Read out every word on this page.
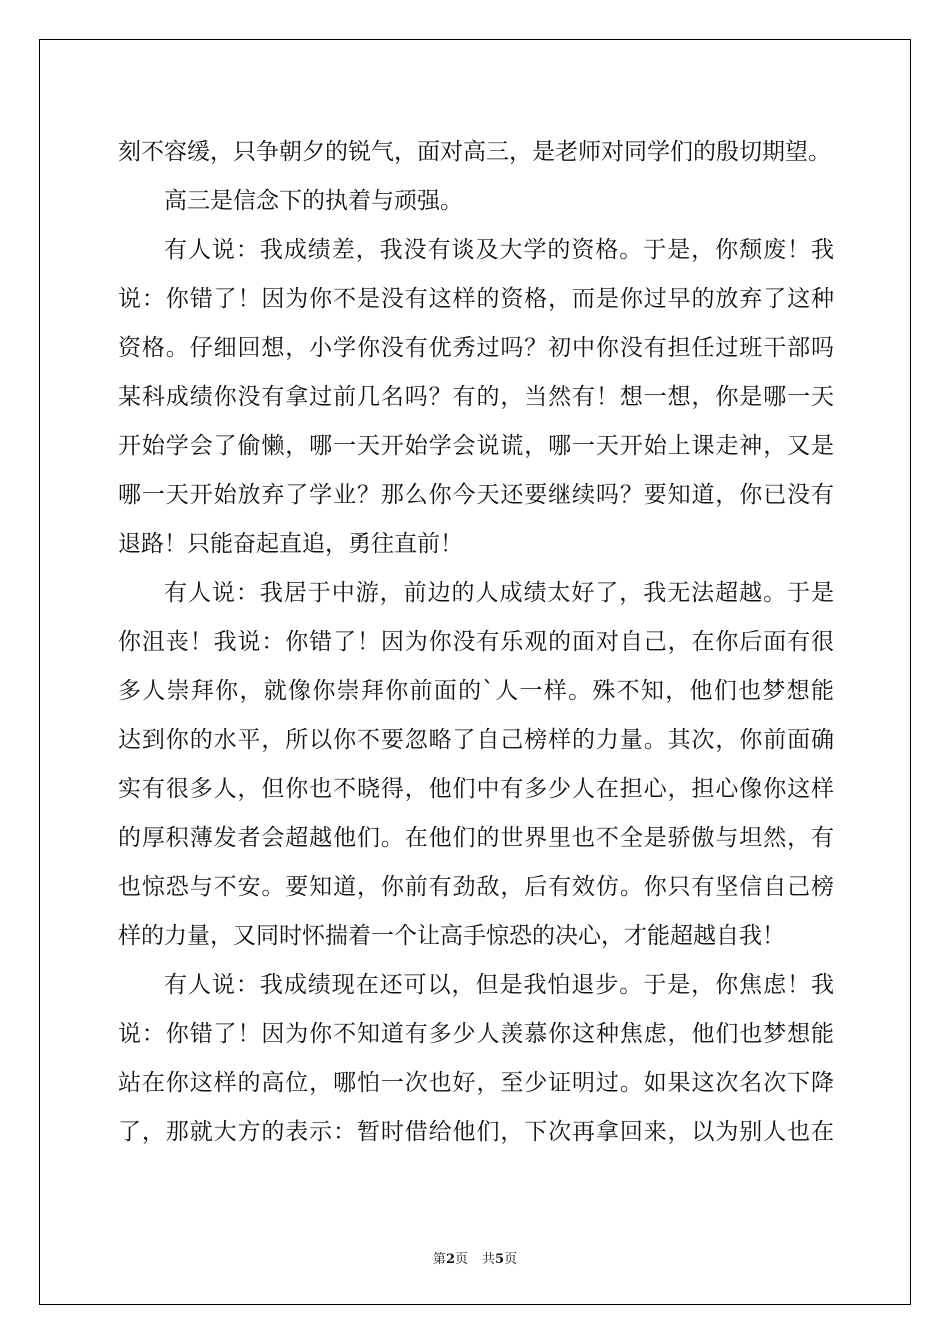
刻不容缓，只争朝夕的锐气，面对高三，是老师对同学们的殷切期望。
高三是信念下的执着与顽强。
有人说：我成绩差，我没有谈及大学的资格。于是，你颓废！我
说：你错了！因为你不是没有这样的资格，而是你过早的放弃了这种
资格。仔细回想，小学你没有优秀过吗？初中你没有担任过班干部吗
某科成绩你没有拿过前几名吗？有的，当然有！想一想，你是哪一天
开始学会了偷懒，哪一天开始学会说谎，哪一天开始上课走神，又是
哪一天开始放弃了学业？那么你今天还要继续吗？要知道，你已没有
退路！只能奋起直追，勇往直前！
有人说：我居于中游，前边的人成绩太好了，我无法超越。于是
你沮丧！我说：你错了！因为你没有乐观的面对自己，在你后面有很
多人崇拜你，就像你崇拜你前面的`人一样。殊不知，他们也梦想能
达到你的水平，所以你不要忽略了自己榜样的力量。其次，你前面确
实有很多人，但你也不晓得，他们中有多少人在担心，担心像你这样
的厚积薄发者会超越他们。在他们的世界里也不全是骄傲与坦然，有
也惊恐与不安。要知道，你前有劲敌，后有效仿。你只有坚信自己榜
样的力量，又同时怀揣着一个让高手惊恐的决心，才能超越自我！
有人说：我成绩现在还可以，但是我怕退步。于是，你焦虑！我
说：你错了！因为你不知道有多少人羡慕你这种焦虑，他们也梦想能
站在你这样的高位，哪怕一次也好，至少证明过。如果这次名次下降
了，那就大方的表示：暂时借给他们，下次再拿回来，以为别人也在
第2页 共5页
